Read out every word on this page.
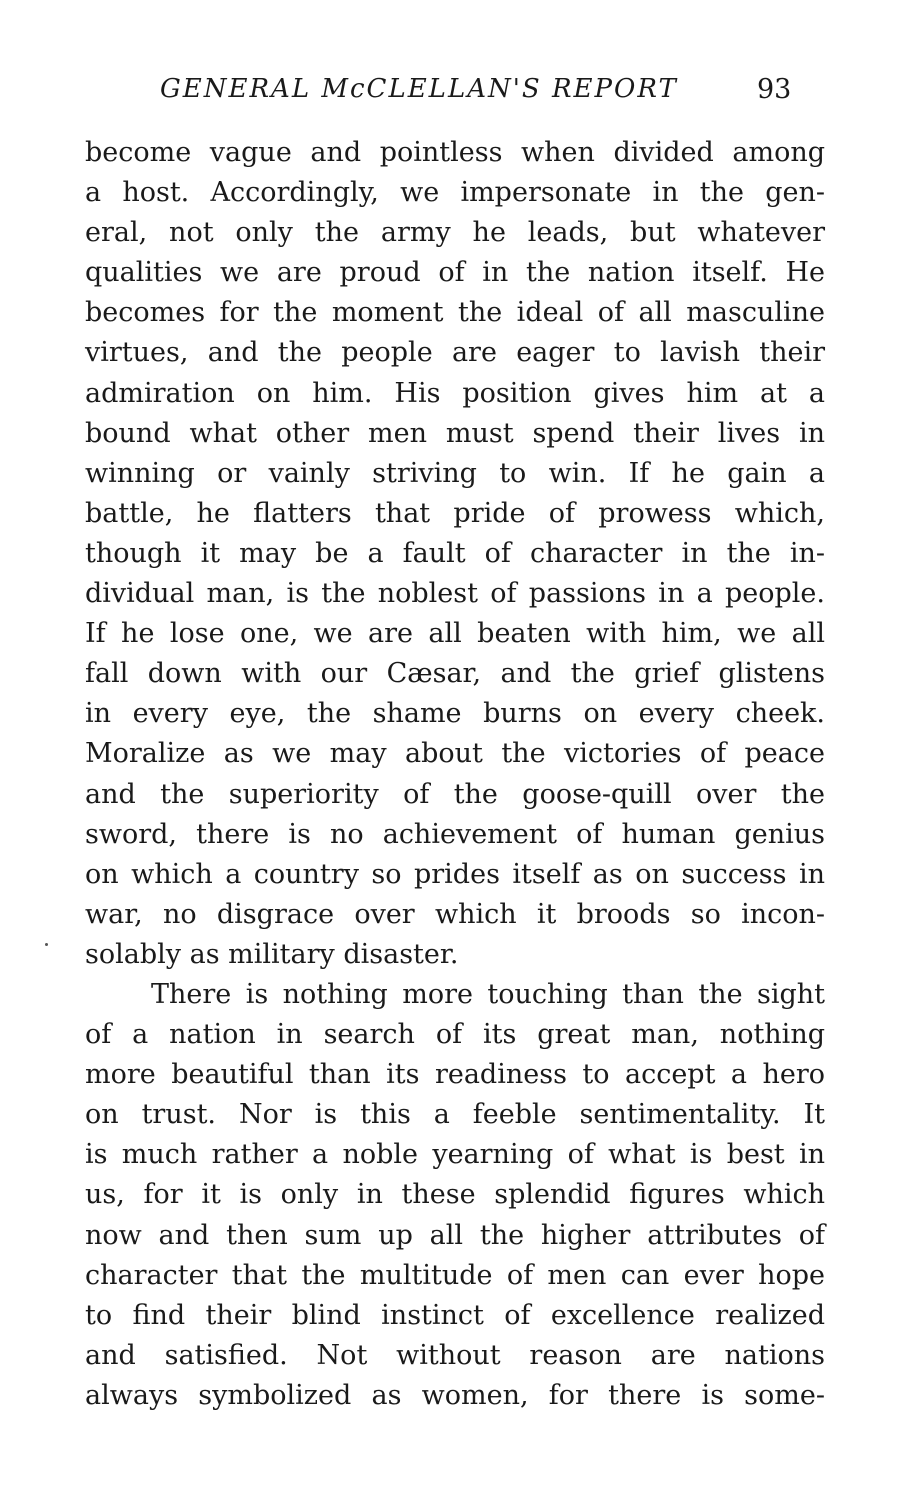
GENERAL McCLELLAN'S REPORT	93
become vague and pointless when divided among
a host. Accordingly, we impersonate in the gen-
eral, not only the army he leads, but whatever
qualities we are proud of in the nation itself. He
becomes for the moment the ideal of all masculine
virtues, and the people are eager to lavish their
admiration on him. His position gives him at a
bound what other men must spend their lives in
winning or vainly striving to win. If he gain a
battle, he flatters that pride of prowess which,
though it may be a fault of character in the in-
dividual man, is the noblest of passions in a people.
If he lose one, we are all beaten with him, we all
fall down with our Cæsar, and the grief glistens
in every eye, the shame burns on every cheek.
Moralize as we may about the victories of peace
and the superiority of the goose-quill over the
sword, there is no achievement of human genius
on which a country so prides itself as on success in
war, no disgrace over which it broods so incon-
solably as military disaster.
There is nothing more touching than the sight
of a nation in search of its great man, nothing
more beautiful than its readiness to accept a hero
on trust. Nor is this a feeble sentimentality. It
is much rather a noble yearning of what is best in
us, for it is only in these splendid figures which
now and then sum up all the higher attributes of
character that the multitude of men can ever hope
to find their blind instinct of excellence realized
and satisfied. Not without reason are nations
always symbolized as women, for there is some-
